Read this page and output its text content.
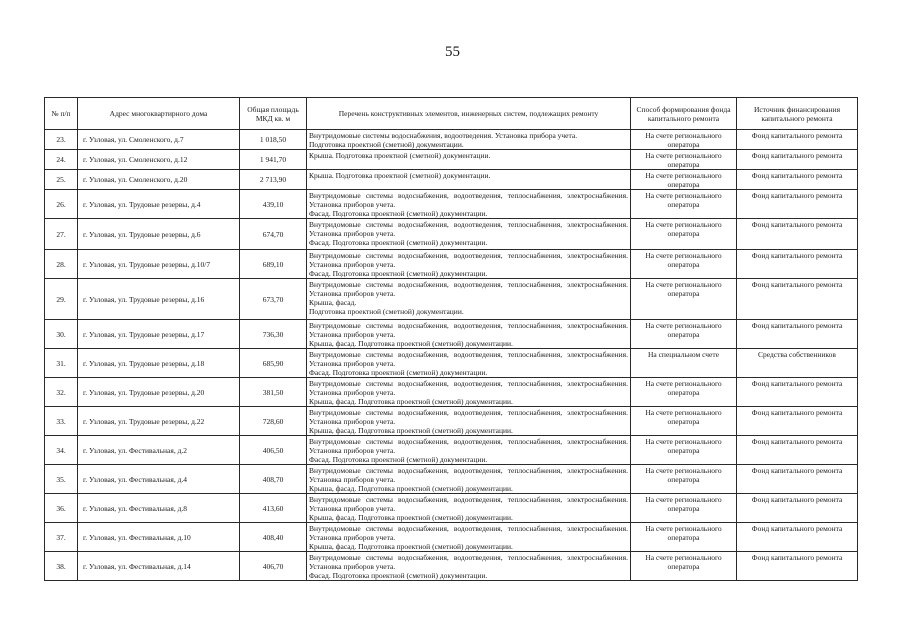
55
№ п/п	Адрес многоквартирного дома	Общая площадь МКД кв. м	Перечень конструктивных элементов, инженерных систем, подлежащих ремонту	Способ формирования фонда капитального ремонта	Источник финансирования капитального ремонта
23.	г. Узловая, ул. Смоленского, д.7	1 018,50	Внутридомовые системы водоснабжения, водоотведения. Установка прибора учета.
Подготовка проектной (сметной) документации.	На счете регионального оператора	Фонд капитального ремонта
24.	г. Узловая, ул. Смоленского, д.12	1 941,70	Крыша. Подготовка проектной (сметной) документации.	На счете регионального оператора	Фонд капитального ремонта
25.	г. Узловая, ул. Смоленского, д.20	2 713,90	Крыша. Подготовка проектной (сметной) документации.	На счете регионального оператора	Фонд капитального ремонта
26.	г. Узловая, ул. Трудовые резервы, д.4	439,10	Внутридомовые системы водоснабжения, водоотведения, теплоснабжения, электроснабжения. Установка приборов учета.
Фасад. Подготовка проектной (сметной) документации.	На счете регионального оператора	Фонд капитального ремонта
27.	г. Узловая, ул. Трудовые резервы, д.6	674,70	Внутридомовые системы водоснабжения, водоотведения, теплоснабжения, электроснабжения. Установка приборов учета.
Фасад. Подготовка проектной (сметной) документации.	На счете регионального оператора	Фонд капитального ремонта
28.	г. Узловая, ул. Трудовые резервы, д.10/7	689,10	Внутридомовые системы водоснабжения, водоотведения, теплоснабжения, электроснабжения. Установка приборов учета.
Фасад. Подготовка проектной (сметной) документации.	На счете регионального оператора	Фонд капитального ремонта
29.	г. Узловая, ул. Трудовые резервы, д.16	673,70	Внутридомовые системы водоснабжения, водоотведения, теплоснабжения, электроснабжения. Установка приборов учета.
Крыша, фасад.
Подготовка проектной (сметной) документации.	На счете регионального оператора	Фонд капитального ремонта
30.	г. Узловая, ул. Трудовые резервы, д.17	736,30	Внутридомовые системы водоснабжения, водоотведения, теплоснабжения, электроснабжения. Установка приборов учета.
Крыша, фасад. Подготовка проектной (сметной) документации.	На счете регионального оператора	Фонд капитального ремонта
31.	г. Узловая, ул. Трудовые резервы, д.18	685,90	Внутридомовые системы водоснабжения, водоотведения, теплоснабжения, электроснабжения. Установка приборов учета.
Фасад. Подготовка проектной (сметной) документации.	На специальном счете	Средства собственников
32.	г. Узловая, ул. Трудовые резервы, д.20	381,50	Внутридомовые системы водоснабжения, водоотведения, теплоснабжения, электроснабжения. Установка приборов учета.
Крыша, фасад. Подготовка проектной (сметной) документации.	На счете регионального оператора	Фонд капитального ремонта
33.	г. Узловая, ул. Трудовые резервы, д.22	728,60	Внутридомовые системы водоснабжения, водоотведения, теплоснабжения, электроснабжения. Установка приборов учета.
Крыша, фасад. Подготовка проектной (сметной) документации.	На счете регионального оператора	Фонд капитального ремонта
34.	г. Узловая, ул. Фестивальная, д.2	406,50	Внутридомовые системы водоснабжения, водоотведения, теплоснабжения, электроснабжения. Установка приборов учета.
Фасад. Подготовка проектной (сметной) документации.	На счете регионального оператора	Фонд капитального ремонта
35.	г. Узловая, ул. Фестивальная, д.4	408,70	Внутридомовые системы водоснабжения, водоотведения, теплоснабжения, электроснабжения. Установка приборов учета.
Крыша, фасад. Подготовка проектной (сметной) документации.	На счете регионального оператора	Фонд капитального ремонта
36.	г. Узловая, ул. Фестивальная, д.8	413,60	Внутридомовые системы водоснабжения, водоотведения, теплоснабжения, электроснабжения. Установка приборов учета.
Крыша, фасад. Подготовка проектной (сметной) документации.	На счете регионального оператора	Фонд капитального ремонта
37.	г. Узловая, ул. Фестивальная, д.10	408,40	Внутридомовые системы водоснабжения, водоотведения, теплоснабжения, электроснабжения. Установка приборов учета.
Крыша, фасад. Подготовка проектной (сметной) документации.	На счете регионального оператора	Фонд капитального ремонта
38.	г. Узловая, ул. Фестивальная, д.14	406,70	Внутридомовые системы водоснабжения, водоотведения, теплоснабжения, электроснабжения. Установка приборов учета.
Фасад. Подготовка проектной (сметной) документации.	На счете регионального оператора	Фонд капитального ремонта
